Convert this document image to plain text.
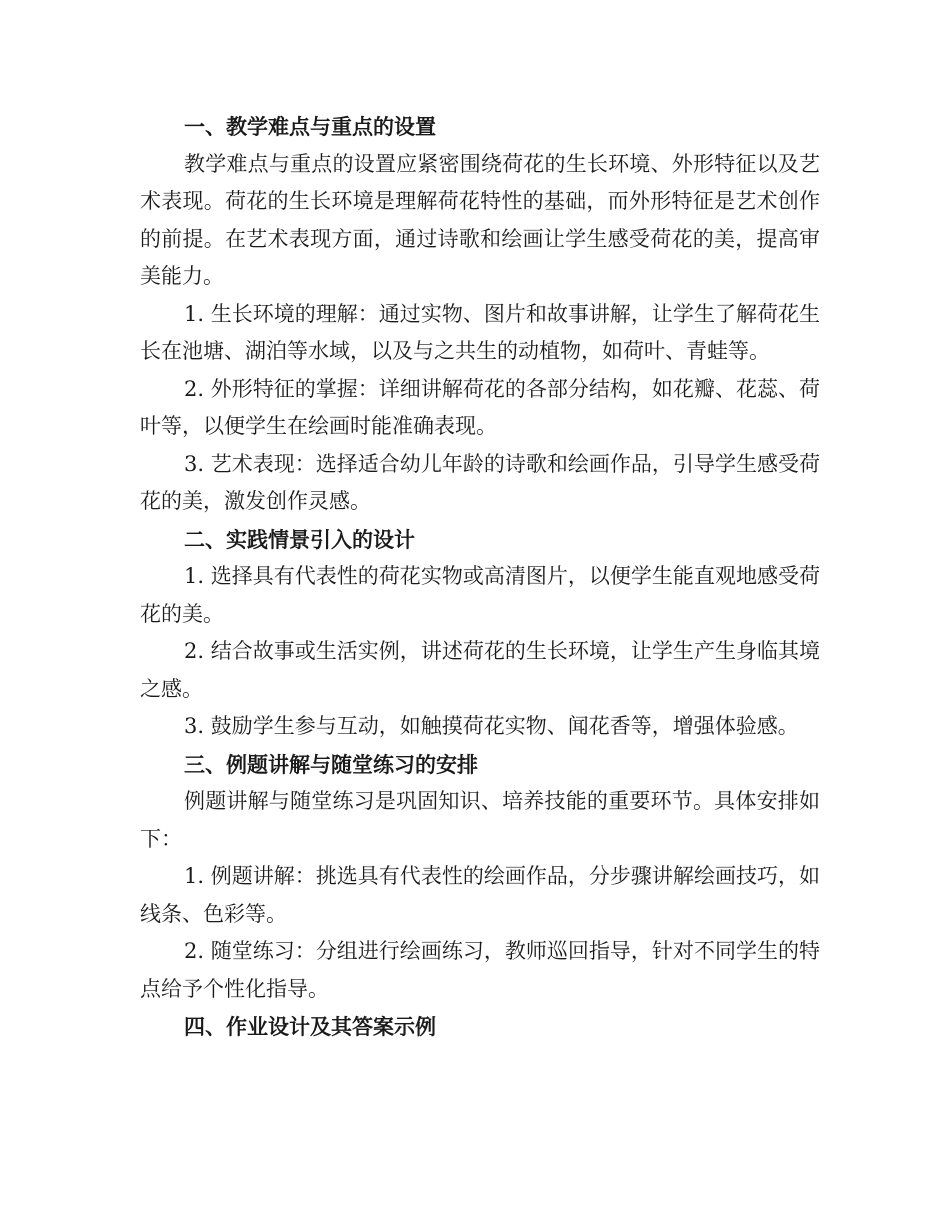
一、教学难点与重点的设置

教学难点与重点的设置应紧密围绕荷花的生长环境、外形特征以及艺术表现。荷花的生长环境是理解荷花特性的基础，而外形特征是艺术创作的前提。在艺术表现方面，通过诗歌和绘画让学生感受荷花的美，提高审美能力。

1. 生长环境的理解：通过实物、图片和故事讲解，让学生了解荷花生长在池塘、湖泊等水域，以及与之共生的动植物，如荷叶、青蛙等。

2. 外形特征的掌握：详细讲解荷花的各部分结构，如花瓣、花蕊、荷叶等，以便学生在绘画时能准确表现。

3. 艺术表现：选择适合幼儿年龄的诗歌和绘画作品，引导学生感受荷花的美，激发创作灵感。

二、实践情景引入的设计

1. 选择具有代表性的荷花实物或高清图片，以便学生能直观地感受荷花的美。

2. 结合故事或生活实例，讲述荷花的生长环境，让学生产生身临其境之感。

3. 鼓励学生参与互动，如触摸荷花实物、闻花香等，增强体验感。

三、例题讲解与随堂练习的安排

例题讲解与随堂练习是巩固知识、培养技能的重要环节。具体安排如下：

1. 例题讲解：挑选具有代表性的绘画作品，分步骤讲解绘画技巧，如线条、色彩等。

2. 随堂练习：分组进行绘画练习，教师巡回指导，针对不同学生的特点给予个性化指导。

四、作业设计及其答案示例
